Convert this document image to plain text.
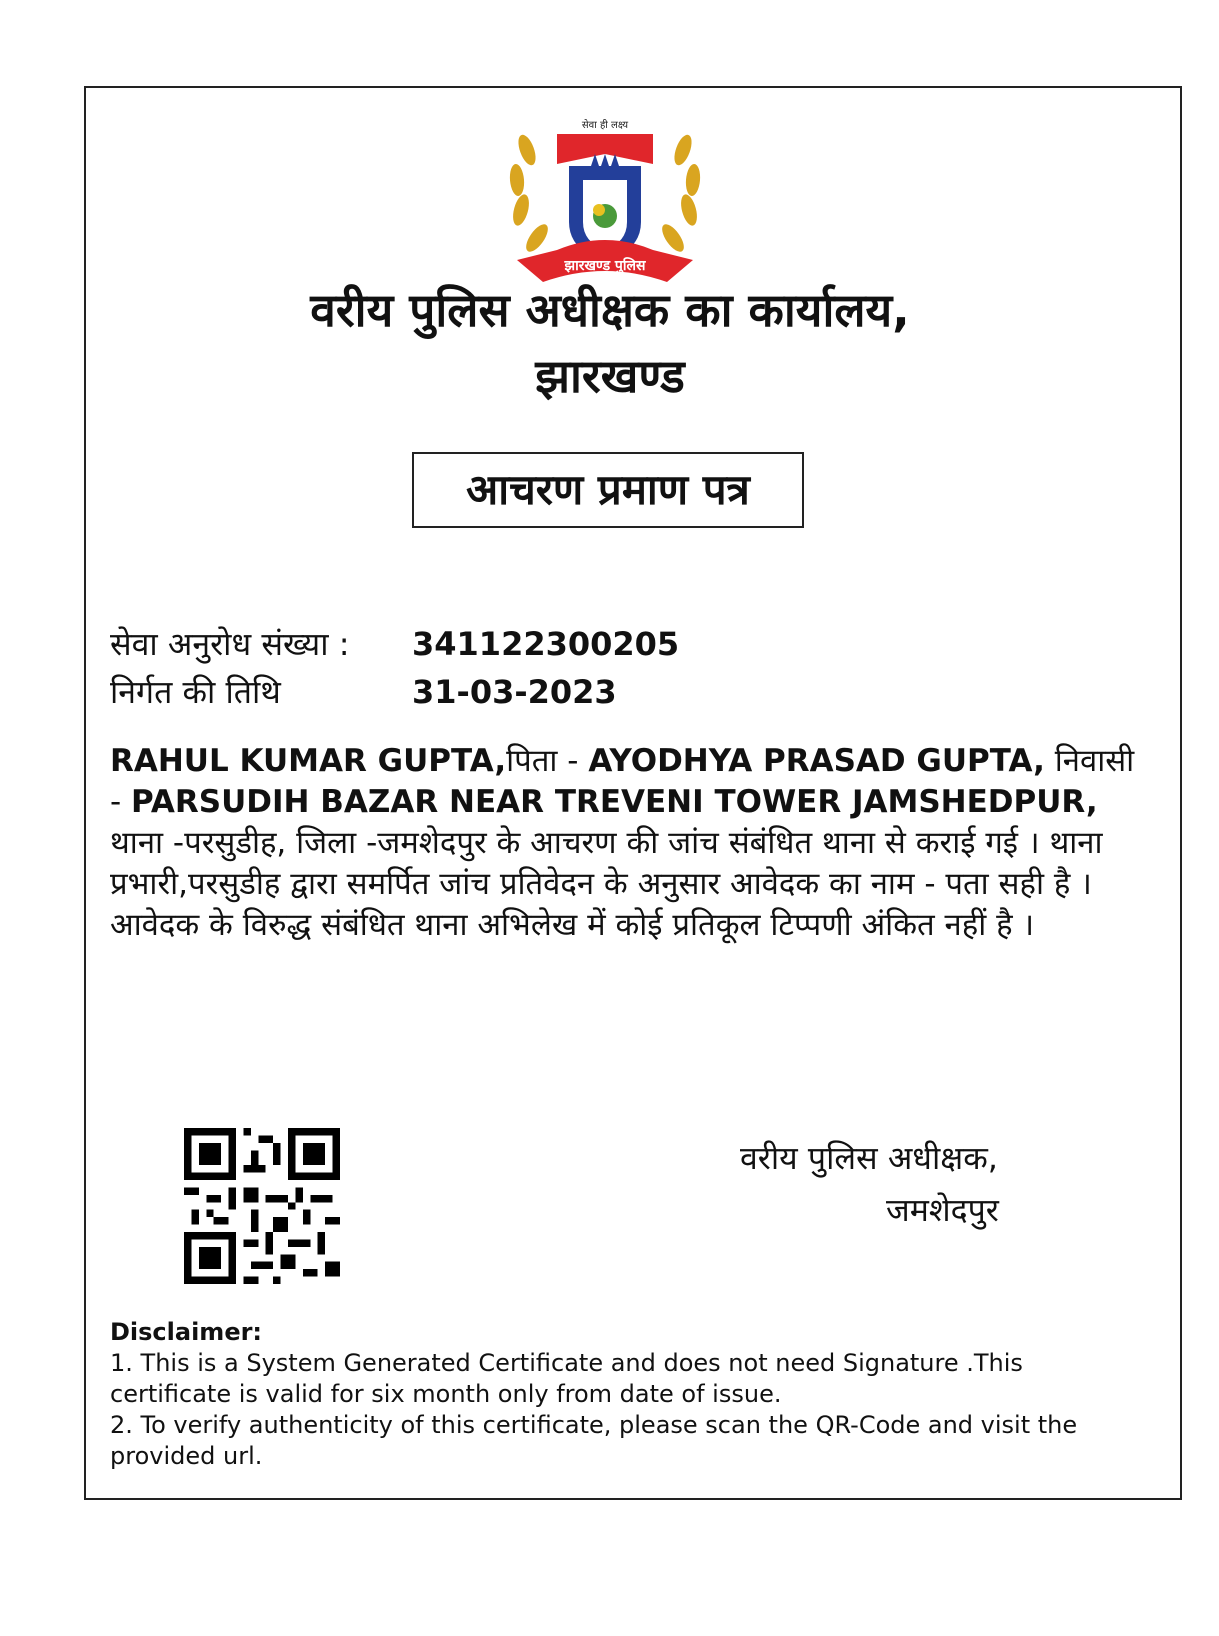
सेवा ही लक्ष्य
झारखण्ड पुलिस
वरीय पुलिस अधीक्षक का कार्यालय,
झारखण्ड
आचरण प्रमाण पत्र
सेवा अनुरोध संख्या : 341122300205
निर्गत की तिथि	31-03-2023
RAHUL KUMAR GUPTA,पिता - AYODHYA PRASAD GUPTA, निवासी - PARSUDIH BAZAR NEAR TREVENI TOWER JAMSHEDPUR, थाना -परसुडीह, जिला -जमशेदपुर के आचरण की जांच संबंधित थाना से कराई गई । थाना प्रभारी,परसुडीह द्वारा समर्पित जांच प्रतिवेदन के अनुसार आवेदक का नाम - पता सही है । आवेदक के विरुद्ध संबंधित थाना अभिलेख में कोई प्रतिकूल टिप्पणी अंकित नहीं है ।
वरीय पुलिस अधीक्षक,
जमशेदपुर
Disclaimer:
1. This is a System Generated Certificate and does not need Signature .This certificate is valid for six month only from date of issue.
2. To verify authenticity of this certificate, please scan the QR-Code and visit the provided url.
